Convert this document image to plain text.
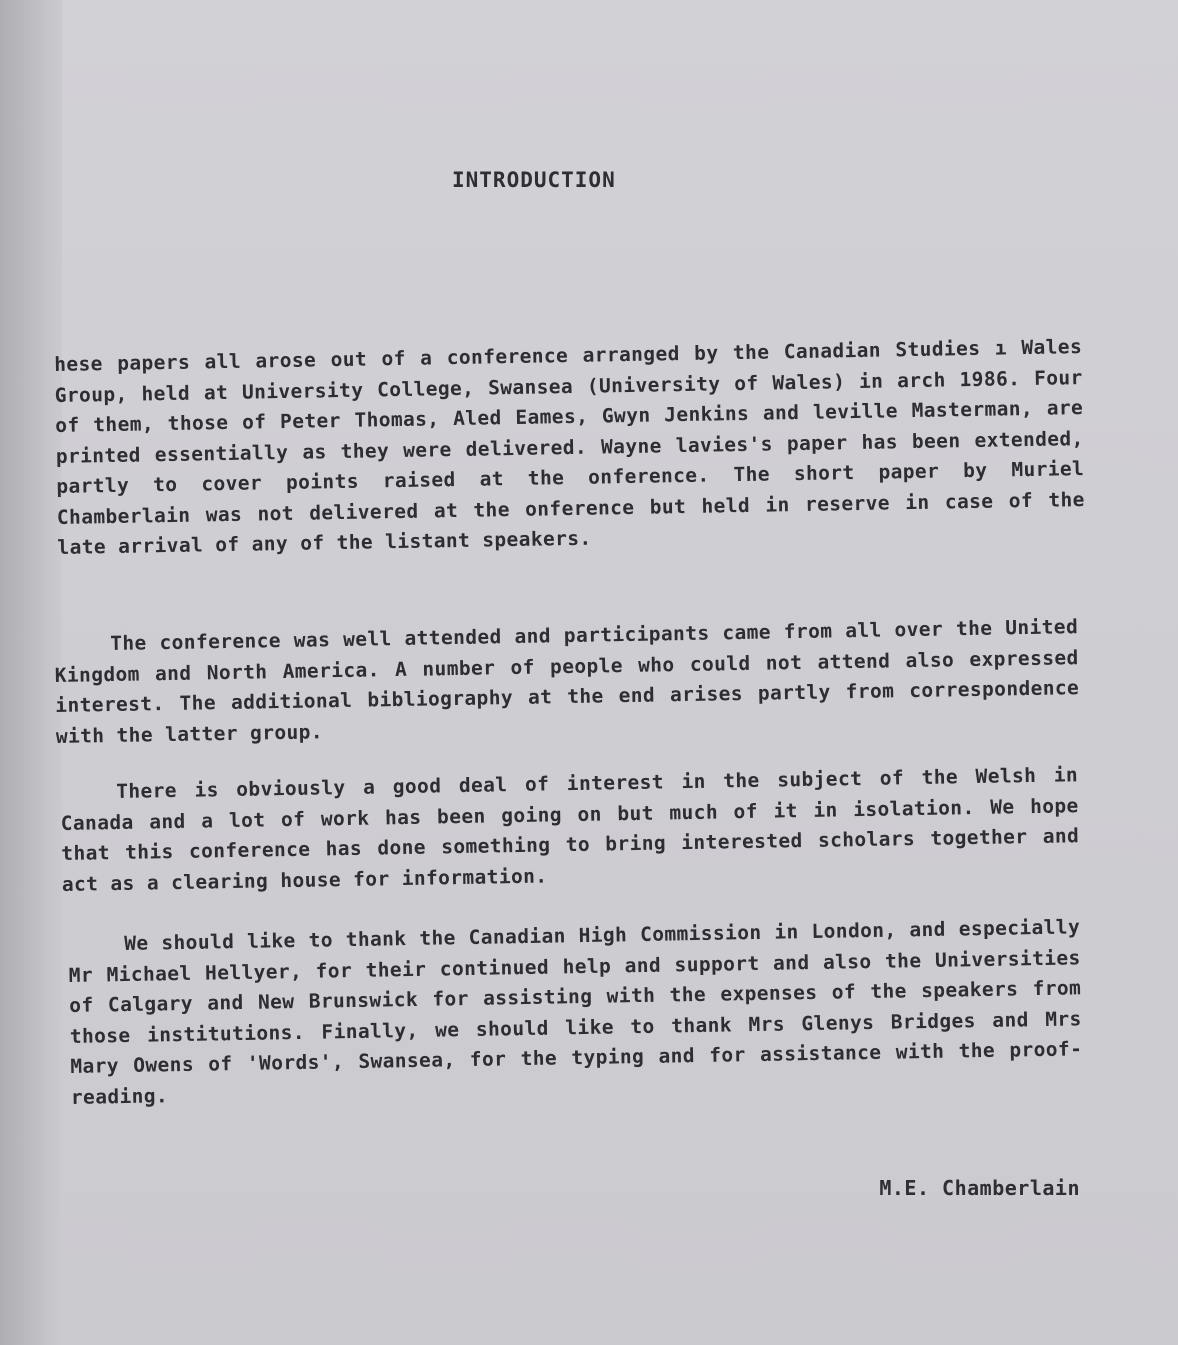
INTRODUCTION

hese papers all arose out of a conference arranged by the Canadian Studies ı Wales Group, held at University College, Swansea (University of Wales) in arch 1986. Four of them, those of Peter Thomas, Aled Eames, Gwyn Jenkins and leville Masterman, are printed essentially as they were delivered. Wayne lavies's paper has been extended, partly to cover points raised at the onference. The short paper by Muriel Chamberlain was not delivered at the onference but held in reserve in case of the late arrival of any of the listant speakers.

The conference was well attended and participants came from all over the United Kingdom and North America. A number of people who could not attend also expressed interest. The additional bibliography at the end arises partly from correspondence with the latter group.

There is obviously a good deal of interest in the subject of the Welsh in Canada and a lot of work has been going on but much of it in isolation. We hope that this conference has done something to bring interested scholars together and act as a clearing house for information.

We should like to thank the Canadian High Commission in London, and especially Mr Michael Hellyer, for their continued help and support and also the Universities of Calgary and New Brunswick for assisting with the expenses of the speakers from those institutions. Finally, we should like to thank Mrs Glenys Bridges and Mrs Mary Owens of 'Words', Swansea, for the typing and for assistance with the proof-reading.

M.E. Chamberlain
